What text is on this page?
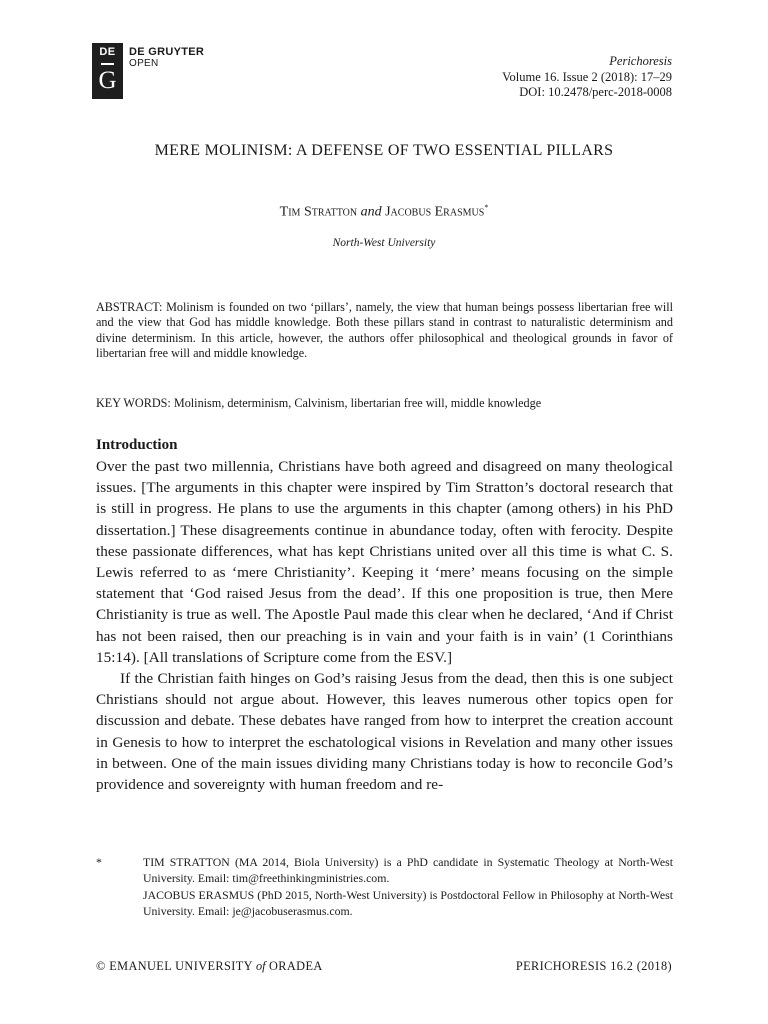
DE
G
DE GRUYTER
OPEN	Perichoresis
Volume 16. Issue 2 (2018): 17–29
DOI: 10.2478/perc-2018-0008
MERE MOLINISM: A DEFENSE OF TWO ESSENTIAL PILLARS
Tim Stratton and Jacobus Erasmus*
North-West University
ABSTRACT: Molinism is founded on two ‘pillars’, namely, the view that human beings possess libertarian free will and the view that God has middle knowledge. Both these pillars stand in contrast to naturalistic determinism and divine determinism. In this article, however, the authors offer philosophical and theological grounds in favor of libertarian free will and middle knowledge.
KEY WORDS: Molinism, determinism, Calvinism, libertarian free will, middle knowledge
Introduction

Over the past two millennia, Christians have both agreed and disagreed on many theological issues. [The arguments in this chapter were inspired by Tim Stratton’s doctoral research that is still in progress. He plans to use the arguments in this chapter (among others) in his PhD dissertation.] These disagreements continue in abundance today, often with ferocity. Despite these passionate differences, what has kept Christians united over all this time is what C. S. Lewis referred to as ‘mere Christianity’. Keeping it ‘mere’ means focusing on the simple statement that ‘God raised Jesus from the dead’. If this one proposition is true, then Mere Christianity is true as well. The Apostle Paul made this clear when he declared, ‘And if Christ has not been raised, then our preaching is in vain and your faith is in vain’ (1 Corinthians 15:14). [All translations of Scripture come from the ESV.]

If the Christian faith hinges on God’s raising Jesus from the dead, then this is one subject Christians should not argue about. However, this leaves numerous other topics open for discussion and debate. These debates have ranged from how to interpret the creation account in Genesis to how to interpret the eschatological visions in Revelation and many other issues in between. One of the main issues dividing many Christians today is how to reconcile God’s providence and sovereignty with human freedom and re-

*	TIM STRATTON (MA 2014, Biola University) is a PhD candidate in Systematic Theology at North-West University. Email: tim@freethinkingministries.com.
JACOBUS ERASMUS (PhD 2015, North-West University) is Postdoctoral Fellow in Philosophy at North-West University. Email: je@jacobuserasmus.com.
© EMANUEL UNIVERSITY of ORADEA	PERICHORESIS 16.2 (2018)
